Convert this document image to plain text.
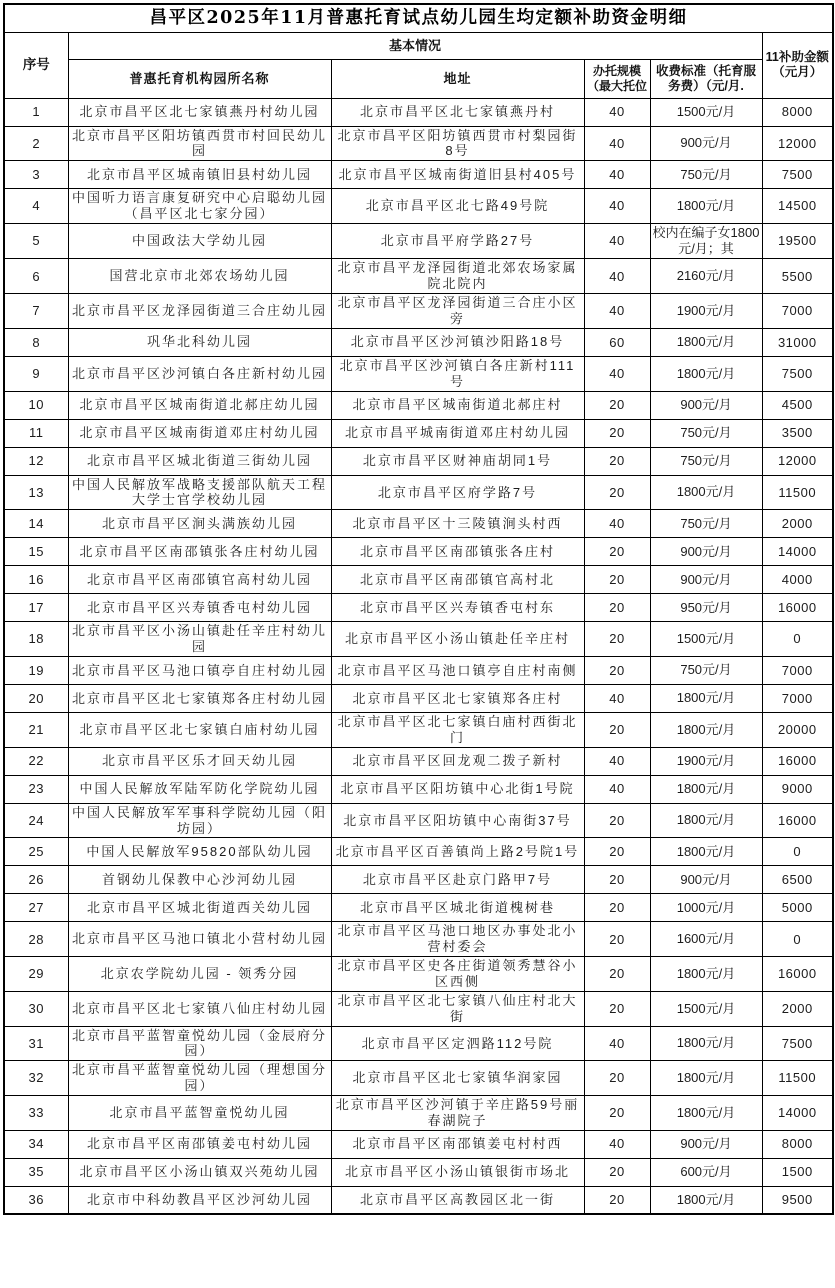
昌平区2025年11月普惠托育试点幼儿园生均定额补助资金明细					
序号	基本情况				11补助金额（元月）
	普惠托育机构园所名称	地址	办托规模（最大托位	收费标准（托育服务费）（元/月.	
1	北京市昌平区北七家镇燕丹村幼儿园	北京市昌平区北七家镇燕丹村	40	1500元/月	8000
2	北京市昌平区阳坊镇西贯市村回民幼儿园	北京市昌平区阳坊镇西贯市村梨园街8号	40	900元/月	12000
3	北京市昌平区城南镇旧县村幼儿园	北京市昌平区城南街道旧县村405号	40	750元/月	7500
4	中国听力语言康复研究中心启聪幼儿园（昌平区北七家分园）	北京市昌平区北七路49号院	40	1800元/月	14500
5	中国政法大学幼儿园	北京市昌平府学路27号	40	校内在编子女1800元/月；其	19500
6	国营北京市北郊农场幼儿园	北京市昌平龙泽园街道北郊农场家属院北院内	40	2160元/月	5500
7	北京市昌平区龙泽园街道三合庄幼儿园	北京市昌平区龙泽园街道三合庄小区旁	40	1900元/月	7000
8	巩华北科幼儿园	北京市昌平区沙河镇沙阳路18号	60	1800元/月	31000
9	北京市昌平区沙河镇白各庄新村幼儿园	北京市昌平区沙河镇白各庄新村111号	40	1800元/月	7500
10	北京市昌平区城南街道北郝庄幼儿园	北京市昌平区城南街道北郝庄村	20	900元/月	4500
11	北京市昌平区城南街道邓庄村幼儿园	北京市昌平城南街道邓庄村幼儿园	20	750元/月	3500
12	北京市昌平区城北街道三街幼儿园	北京市昌平区财神庙胡同1号	20	750元/月	12000
13	中国人民解放军战略支援部队航天工程大学士官学校幼儿园	北京市昌平区府学路7号	20	1800元/月	11500
14	北京市昌平区涧头满族幼儿园	北京市昌平区十三陵镇涧头村西	40	750元/月	2000
15	北京市昌平区南邵镇张各庄村幼儿园	北京市昌平区南邵镇张各庄村	20	900元/月	14000
16	北京市昌平区南邵镇官高村幼儿园	北京市昌平区南邵镇官高村北	20	900元/月	4000
17	北京市昌平区兴寿镇香屯村幼儿园	北京市昌平区兴寿镇香屯村东	20	950元/月	16000
18	北京市昌平区小汤山镇赴任辛庄村幼儿园	北京市昌平区小汤山镇赴任辛庄村	20	1500元/月	0
19	北京市昌平区马池口镇亭自庄村幼儿园	北京市昌平区马池口镇亭自庄村南侧	20	750元/月	7000
20	北京市昌平区北七家镇郑各庄村幼儿园	北京市昌平区北七家镇郑各庄村	40	1800元/月	7000
21	北京市昌平区北七家镇白庙村幼儿园	北京市昌平区北七家镇白庙村西街北门	20	1800元/月	20000
22	北京市昌平区乐才回天幼儿园	北京市昌平区回龙观二拨子新村	40	1900元/月	16000
23	中国人民解放军陆军防化学院幼儿园	北京市昌平区阳坊镇中心北街1号院	40	1800元/月	9000
24	中国人民解放军军事科学院幼儿园（阳坊园）	北京市昌平区阳坊镇中心南街37号	20	1800元/月	16000
25	中国人民解放军95820部队幼儿园	北京市昌平区百善镇尚上路2号院1号	20	1800元/月	0
26	首钢幼儿保教中心沙河幼儿园	北京市昌平区赴京门路甲7号	20	900元/月	6500
27	北京市昌平区城北街道西关幼儿园	北京市昌平区城北街道槐树巷	20	1000元/月	5000
28	北京市昌平区马池口镇北小营村幼儿园	北京市昌平区马池口地区办事处北小营村委会	20	1600元/月	0
29	北京农学院幼儿园 - 领秀分园	北京市昌平区史各庄街道领秀慧谷小区西侧	20	1800元/月	16000
30	北京市昌平区北七家镇八仙庄村幼儿园	北京市昌平区北七家镇八仙庄村北大街	20	1500元/月	2000
31	北京市昌平蓝智童悦幼儿园（金辰府分园）	北京市昌平区定泗路112号院	40	1800元/月	7500
32	北京市昌平蓝智童悦幼儿园（理想国分园）	北京市昌平区北七家镇华润家园	20	1800元/月	11500
33	北京市昌平蓝智童悦幼儿园	北京市昌平区沙河镇于辛庄路59号丽春湖院子	20	1800元/月	14000
34	北京市昌平区南邵镇姜屯村幼儿园	北京市昌平区南邵镇姜屯村村西	40	900元/月	8000
35	北京市昌平区小汤山镇双兴苑幼儿园	北京市昌平区小汤山镇银街市场北	20	600元/月	1500
36	北京市中科幼教昌平区沙河幼儿园	北京市昌平区高教园区北一街	20	1800元/月	9500
